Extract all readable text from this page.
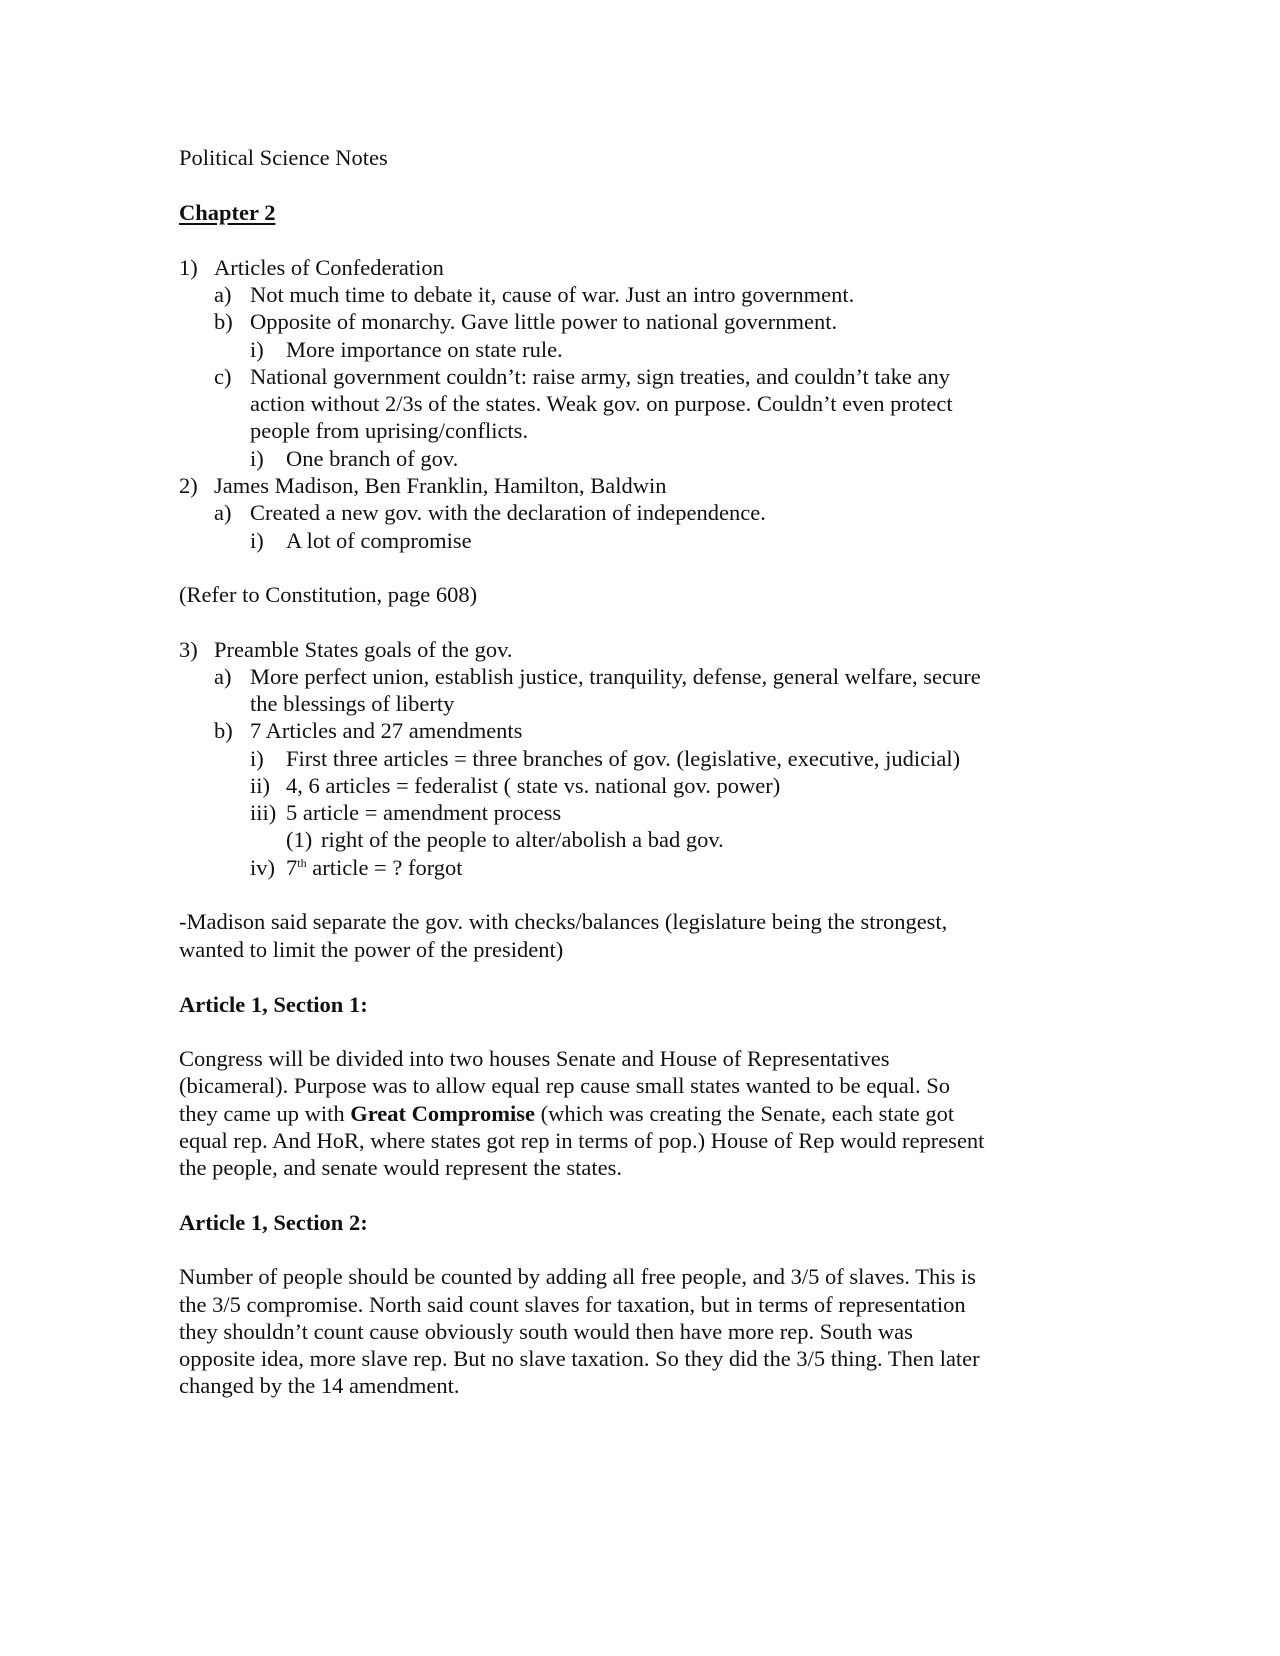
Political Science Notes
Chapter 2
1) Articles of Confederation
a) Not much time to debate it, cause of war. Just an intro government.
b) Opposite of monarchy. Gave little power to national government.
i) More importance on state rule.
c) National government couldn’t: raise army, sign treaties, and couldn’t take any
action without 2/3s of the states. Weak gov. on purpose. Couldn’t even protect
people from uprising/conflicts.
i) One branch of gov.
2) James Madison, Ben Franklin, Hamilton, Baldwin
a) Created a new gov. with the declaration of independence.
i) A lot of compromise
(Refer to Constitution, page 608)
3) Preamble States goals of the gov.
a) More perfect union, establish justice, tranquility, defense, general welfare, secure
the blessings of liberty
b) 7 Articles and 27 amendments
i) First three articles = three branches of gov. (legislative, executive, judicial)
ii) 4, 6 articles = federalist ( state vs. national gov. power)
iii) 5 article = amendment process
(1) right of the people to alter/abolish a bad gov.
iv) 7th article = ? forgot
-Madison said separate the gov. with checks/balances (legislature being the strongest,
wanted to limit the power of the president)
Article 1, Section 1:
Congress will be divided into two houses Senate and House of Representatives
(bicameral). Purpose was to allow equal rep cause small states wanted to be equal. So
they came up with Great Compromise (which was creating the Senate, each state got
equal rep. And HoR, where states got rep in terms of pop.) House of Rep would represent
the people, and senate would represent the states.
Article 1, Section 2:
Number of people should be counted by adding all free people, and 3/5 of slaves. This is
the 3/5 compromise. North said count slaves for taxation, but in terms of representation
they shouldn’t count cause obviously south would then have more rep. South was
opposite idea, more slave rep. But no slave taxation. So they did the 3/5 thing. Then later
changed by the 14 amendment.
